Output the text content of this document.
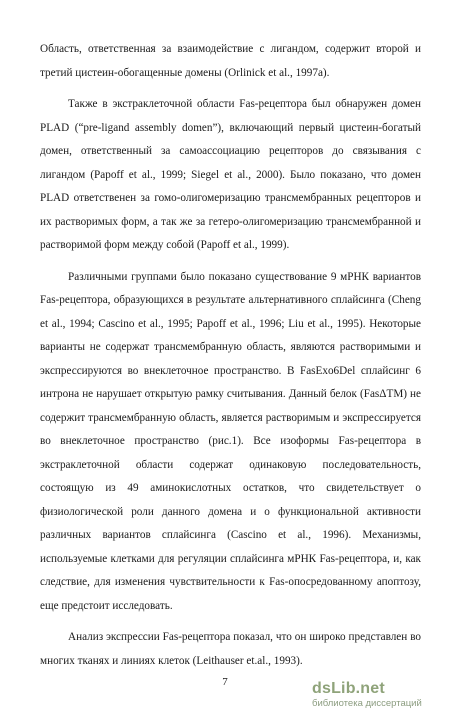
Область, ответственная за взаимодействие с лигандом, содержит второй и третий цистеин-обогащенные домены (Orlinick et al., 1997a).

Также в экстраклеточной области Fas-рецептора был обнаружен домен PLAD (“pre-ligand assembly domen”), включающий первый цистеин-богатый домен, ответственный за самоассоциацию рецепторов до связывания с лигандом (Papoff et al., 1999; Siegel et al., 2000). Было показано, что домен PLAD ответственен за гомо-олигомеризацию трансмембранных рецепторов и их растворимых форм, а так же за гетеро-олигомеризацию трансмембранной и растворимой форм между собой (Papoff et al., 1999).

Различными группами было показано существование 9 мРНК вариантов Fas-рецептора, образующихся в результате альтернативного сплайсинга (Cheng et al., 1994; Cascino et al., 1995; Papoff et al., 1996; Liu et al., 1995). Некоторые варианты не содержат трансмембранную область, являются растворимыми и экспрессируются во внеклеточное пространство. В FasExo6Del сплайсинг 6 интрона не нарушает открытую рамку считывания. Данный белок (FasΔTM) не содержит трансмембранную область, является растворимым и экспрессируется во внеклеточное пространство (рис.1). Все изоформы Fas-рецептора в экстраклеточной области содержат одинаковую последовательность, состоящую из 49 аминокислотных остатков, что свидетельствует о физиологической роли данного домена и о функциональной активности различных вариантов сплайсинга (Cascino et al., 1996). Механизмы, используемые клетками для регуляции сплайсинга мРНК Fas-рецептора, и, как следствие, для изменения чувствительности к Fas-опосредованному апоптозу, еще предстоит исследовать.

Анализ экспрессии Fas-рецептора показал, что он широко представлен во многих тканях и линиях клеток (Leithauser et.al., 1993).

7	dsLib.net
библиотека диссертаций
